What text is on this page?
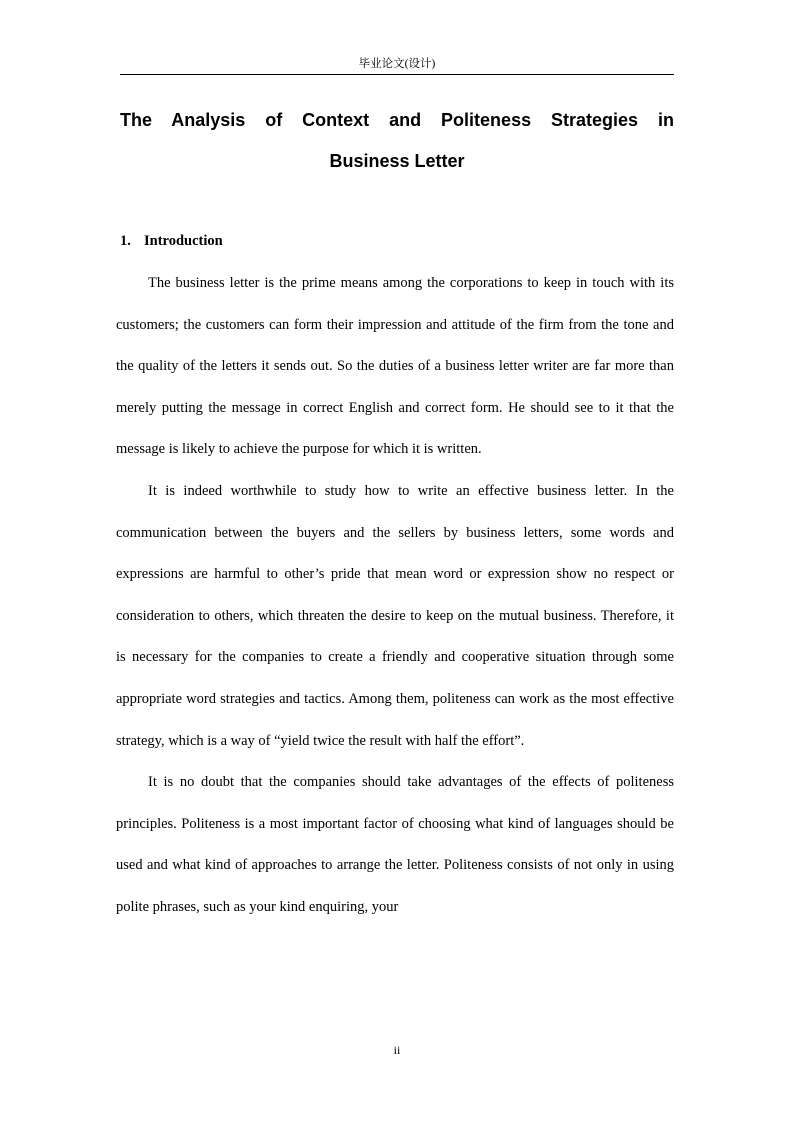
毕业论文(设计)
The Analysis of Context and Politeness Strategies in
Business Letter
1. Introduction

The business letter is the prime means among the corporations to keep in touch with its customers; the customers can form their impression and attitude of the firm from the tone and the quality of the letters it sends out. So the duties of a business letter writer are far more than merely putting the message in correct English and correct form. He should see to it that the message is likely to achieve the purpose for which it is written.

It is indeed worthwhile to study how to write an effective business letter. In the communication between the buyers and the sellers by business letters, some words and expressions are harmful to other’s pride that mean word or expression show no respect or consideration to others, which threaten the desire to keep on the mutual business. Therefore, it is necessary for the companies to create a friendly and cooperative situation through some appropriate word strategies and tactics. Among them, politeness can work as the most effective strategy, which is a way of “yield twice the result with half the effort”.

It is no doubt that the companies should take advantages of the effects of politeness principles. Politeness is a most important factor of choosing what kind of languages should be used and what kind of approaches to arrange the letter. Politeness consists of not only in using polite phrases, such as your kind enquiring, your

ii
